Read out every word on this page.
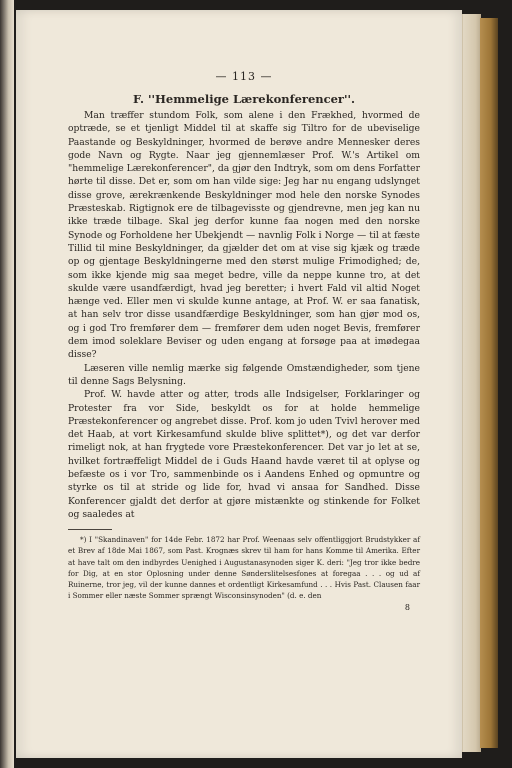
— 113 —
F. ''Hemmelige Lærekonferencer''.

Man træffer stundom Folk, som alene i den Frækhed, hvormed de optræde, se et tjenligt Middel til at skaffe sig Tiltro for de ubeviselige Paastande og Beskyldninger, hvormed de berøve andre Mennesker deres gode Navn og Rygte. Naar jeg gjennemlæser Prof. W.'s Artikel om "hemmelige Lærekonferencer", da gjør den Indtryk, som om dens Forfatter hørte til disse. Det er, som om han vilde sige: Jeg har nu engang udslynget disse grove, ærekrænkende Beskyldninger mod hele den norske Synodes Præsteskab. Rigtignok ere de tilbagevisste og gjendrevne, men jeg kan nu ikke træde tilbage. Skal jeg derfor kunne faa nogen med den norske Synode og Forholdene her Ubekjendt — navnlig Folk i Norge — til at fæste Tillid til mine Beskyldninger, da gjælder det om at vise sig kjæk og træde op og gjentage Beskyldningerne med den størst mulige Frimodighed; de, som ikke kjende mig saa meget bedre, ville da neppe kunne tro, at det skulde være usandfærdigt, hvad jeg beretter; i hvert Fald vil altid Noget hænge ved. Eller men vi skulde kunne antage, at Prof. W. er saa fanatisk, at han selv tror disse usandfærdige Beskyldninger, som han gjør mod os, og i god Tro fremfører dem — fremfører dem uden noget Bevis, fremfører dem imod soleklare Beviser og uden engang at forsøge paa at imødegaa disse?

Læseren ville nemlig mærke sig følgende Omstændigheder, som tjene til denne Sags Belysning.

Prof. W. havde atter og atter, trods alle Indsigelser, Forklaringer og Protester fra vor Side, beskyldt os for at holde hemmelige Præstekonferencer og angrebet disse. Prof. kom jo uden Tvivl herover med det Haab, at vort Kirkesamfund skulde blive splittet*), og det var derfor rimeligt nok, at han frygtede vore Præstekonferencer. Det var jo let at se, hvilket fortræffeligt Middel de i Guds Haand havde været til at oplyse og befæste os i vor Tro, sammenbinde os i Aandens Enhed og opmuntre og styrke os til at stride og lide for, hvad vi ansaa for Sandhed. Disse Konferencer gjaldt det derfor at gjøre mistænkte og stinkende for Folket og saaledes at

*) I "Skandinaven" for 14de Febr. 1872 har Prof. Weenaas selv offentliggjort Brudstykker af et Brev af 18de Mai 1867, som Past. Krognæs skrev til ham for hans Komme til Amerika. Efter at have talt om den indbyrdes Uenighed i Augustanasynoden siger K. deri: "Jeg tror ikke bedre for Dig, at en stor Oplosning under denne Sønderslitelsesfones at foregaa . . . og ud af Ruinerne, tror jeg, vil der kunne dannes et ordentligt Kirkesamfund . . . Hvis Past. Clausen faar i Sommer eller næste Sommer sprængt Wisconsinsynoden" (d. e. den

8
